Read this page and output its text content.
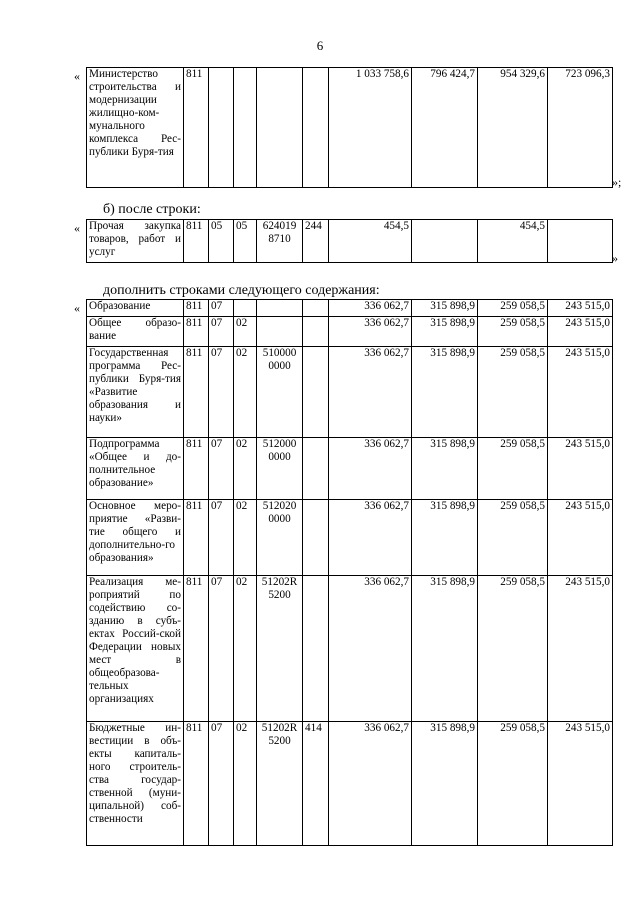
6
« Министерство строительства и модернизации жилищно-ком-мунального комплекса Рес-публики Буря-тия	811					1 033 758,6	796 424,7	954 329,6	723 096,3
»;
б) после строки:
« Прочая закупка товаров, работ и услуг	811	05	05	624019 8710	244	454,5		454,5	
»
дополнить строками следующего содержания:
« Образование	811	07				336 062,7	315 898,9	259 058,5	243 515,0
Общее образо-вание	811	07	02			336 062,7	315 898,9	259 058,5	243 515,0
Государственная программа Рес-публики Буря-тия «Развитие образования и науки»	811	07	02	510000 0000		336 062,7	315 898,9	259 058,5	243 515,0
Подпрограмма «Общее и до-полнительное образование»	811	07	02	512000 0000		336 062,7	315 898,9	259 058,5	243 515,0
Основное меро-приятие «Разви-тие общего и дополнительно-го образования»	811	07	02	512020 0000		336 062,7	315 898,9	259 058,5	243 515,0
Реализация ме-роприятий по содействию со-зданию в субъ-ектах Россий-ской Федерации новых мест в общеобразова-тельных организациях	811	07	02	51202R 5200		336 062,7	315 898,9	259 058,5	243 515,0
Бюджетные ин-вестиции в объ-екты капиталь-ного строитель-ства государ-ственной (муни-ципальной) соб-ственности	811	07	02	51202R 5200	414	336 062,7	315 898,9	259 058,5	243 515,0
